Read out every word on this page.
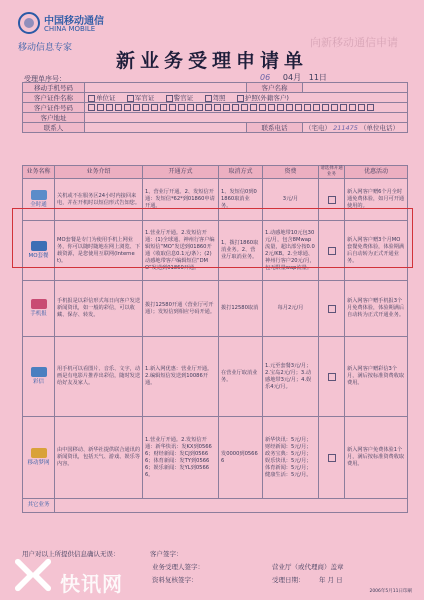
中国移动通信
CHINA MOBILE
移动信息专家	向新移动通信申请
新业务受理申请单
受理单序号：	06 04月 11日
移动手机号码		客户名称	
客户证件名称	单位证 军官证 警官证 驾照 护照(外籍客户)		
客户证件号码			
客户地址			
联系人		联系电话	（宅电） 211475 （单位电话）
业务名称	业务介绍	开通方式	取消方式	资费	请选择开通业务	优惠活动

全时通	关机或不在服务区24小时内接回来电，并在开机时以短信形式告知您。	1、营业厅开通。2、发短信开通：发短信*62*到01860申请开通。	1、发短信0到01860取消业务。	3元/月		新入网客户赠6个月全时通免费体验，如月可开通使用的。

MO套餐	MO套餐是专门为使用手机上网业务，你可以随时随地在网上浏览、下载资源，是您使用互联网(Internet)。	1.营业厅开通。2.发短信开通：(1)全球通、神州行客户编辑短信“MO”发送到01860开通（收取信息0.1元/条）；(2)动感地带客户编辑短信“DMO”发送到01860开通。	1、拨打1860取消业务。2、营业厅取消业务。	1.动感地带10元包30元/月，包含8Mwap流量，超出部分按0.02元/KB。2.全球通、神州行客户20元/月，包无限量wap流量。		新入网客户赠3个月MO套餐免费体验，体验期满后自动转为正式开通业务。

手机报	手机报是以彩信形式每日向客户发送新闻资讯，如一般的彩信，可以收藏、保存、转发。	拨打12580开通（营业厅可开通）；发短信到相应号码开通。	拨打12580取消	每月2元/月		新入网客户赠手机报3个月免费体验，体验期满后自动转为正式开通业务。

彩信	用手机可以看图片、音乐、文字，动画是有电影片推荐出彩信，随时发送给好友及家人。	1.新入网优惠：营业厅开通。2.编辑短信发送到10086开通。	在营业厅取消业务。	1.元至套餐3元/月；2.宝岛2元/月；3.动感地带3元/月；4.娱乐4元/月。		新入网客户赠彩信3个月，满后按标准资费收取费用。

移动梦网	由中国移动、新华社提供联合通讯的新闻资讯，包括天气、游戏、娱乐等内容。	1.营业厅开通。2.发短信开通：新华快讯：发KX到05666；财经新闻：发CJ到05666；体育新闻：发TY到05666；娱乐新闻：发YL到05666。	发0000到05666	新华快讯：5元/月；财经新闻：5元/月；政务宝典：5元/月；娱乐快讯：5元/月；体育新闻：5元/月；健康生活：5元/月。		新入网客户免费体验1个月，满后按标准资费收取费用。
其它业务						
用户对以上所提供信息确认无误：	客户签字：
业务受理人签字：
资料复核签字：
营业厅（或代理商）盖章
受理日期： 年 月 日
2006年5月11日印刷
快讯网
